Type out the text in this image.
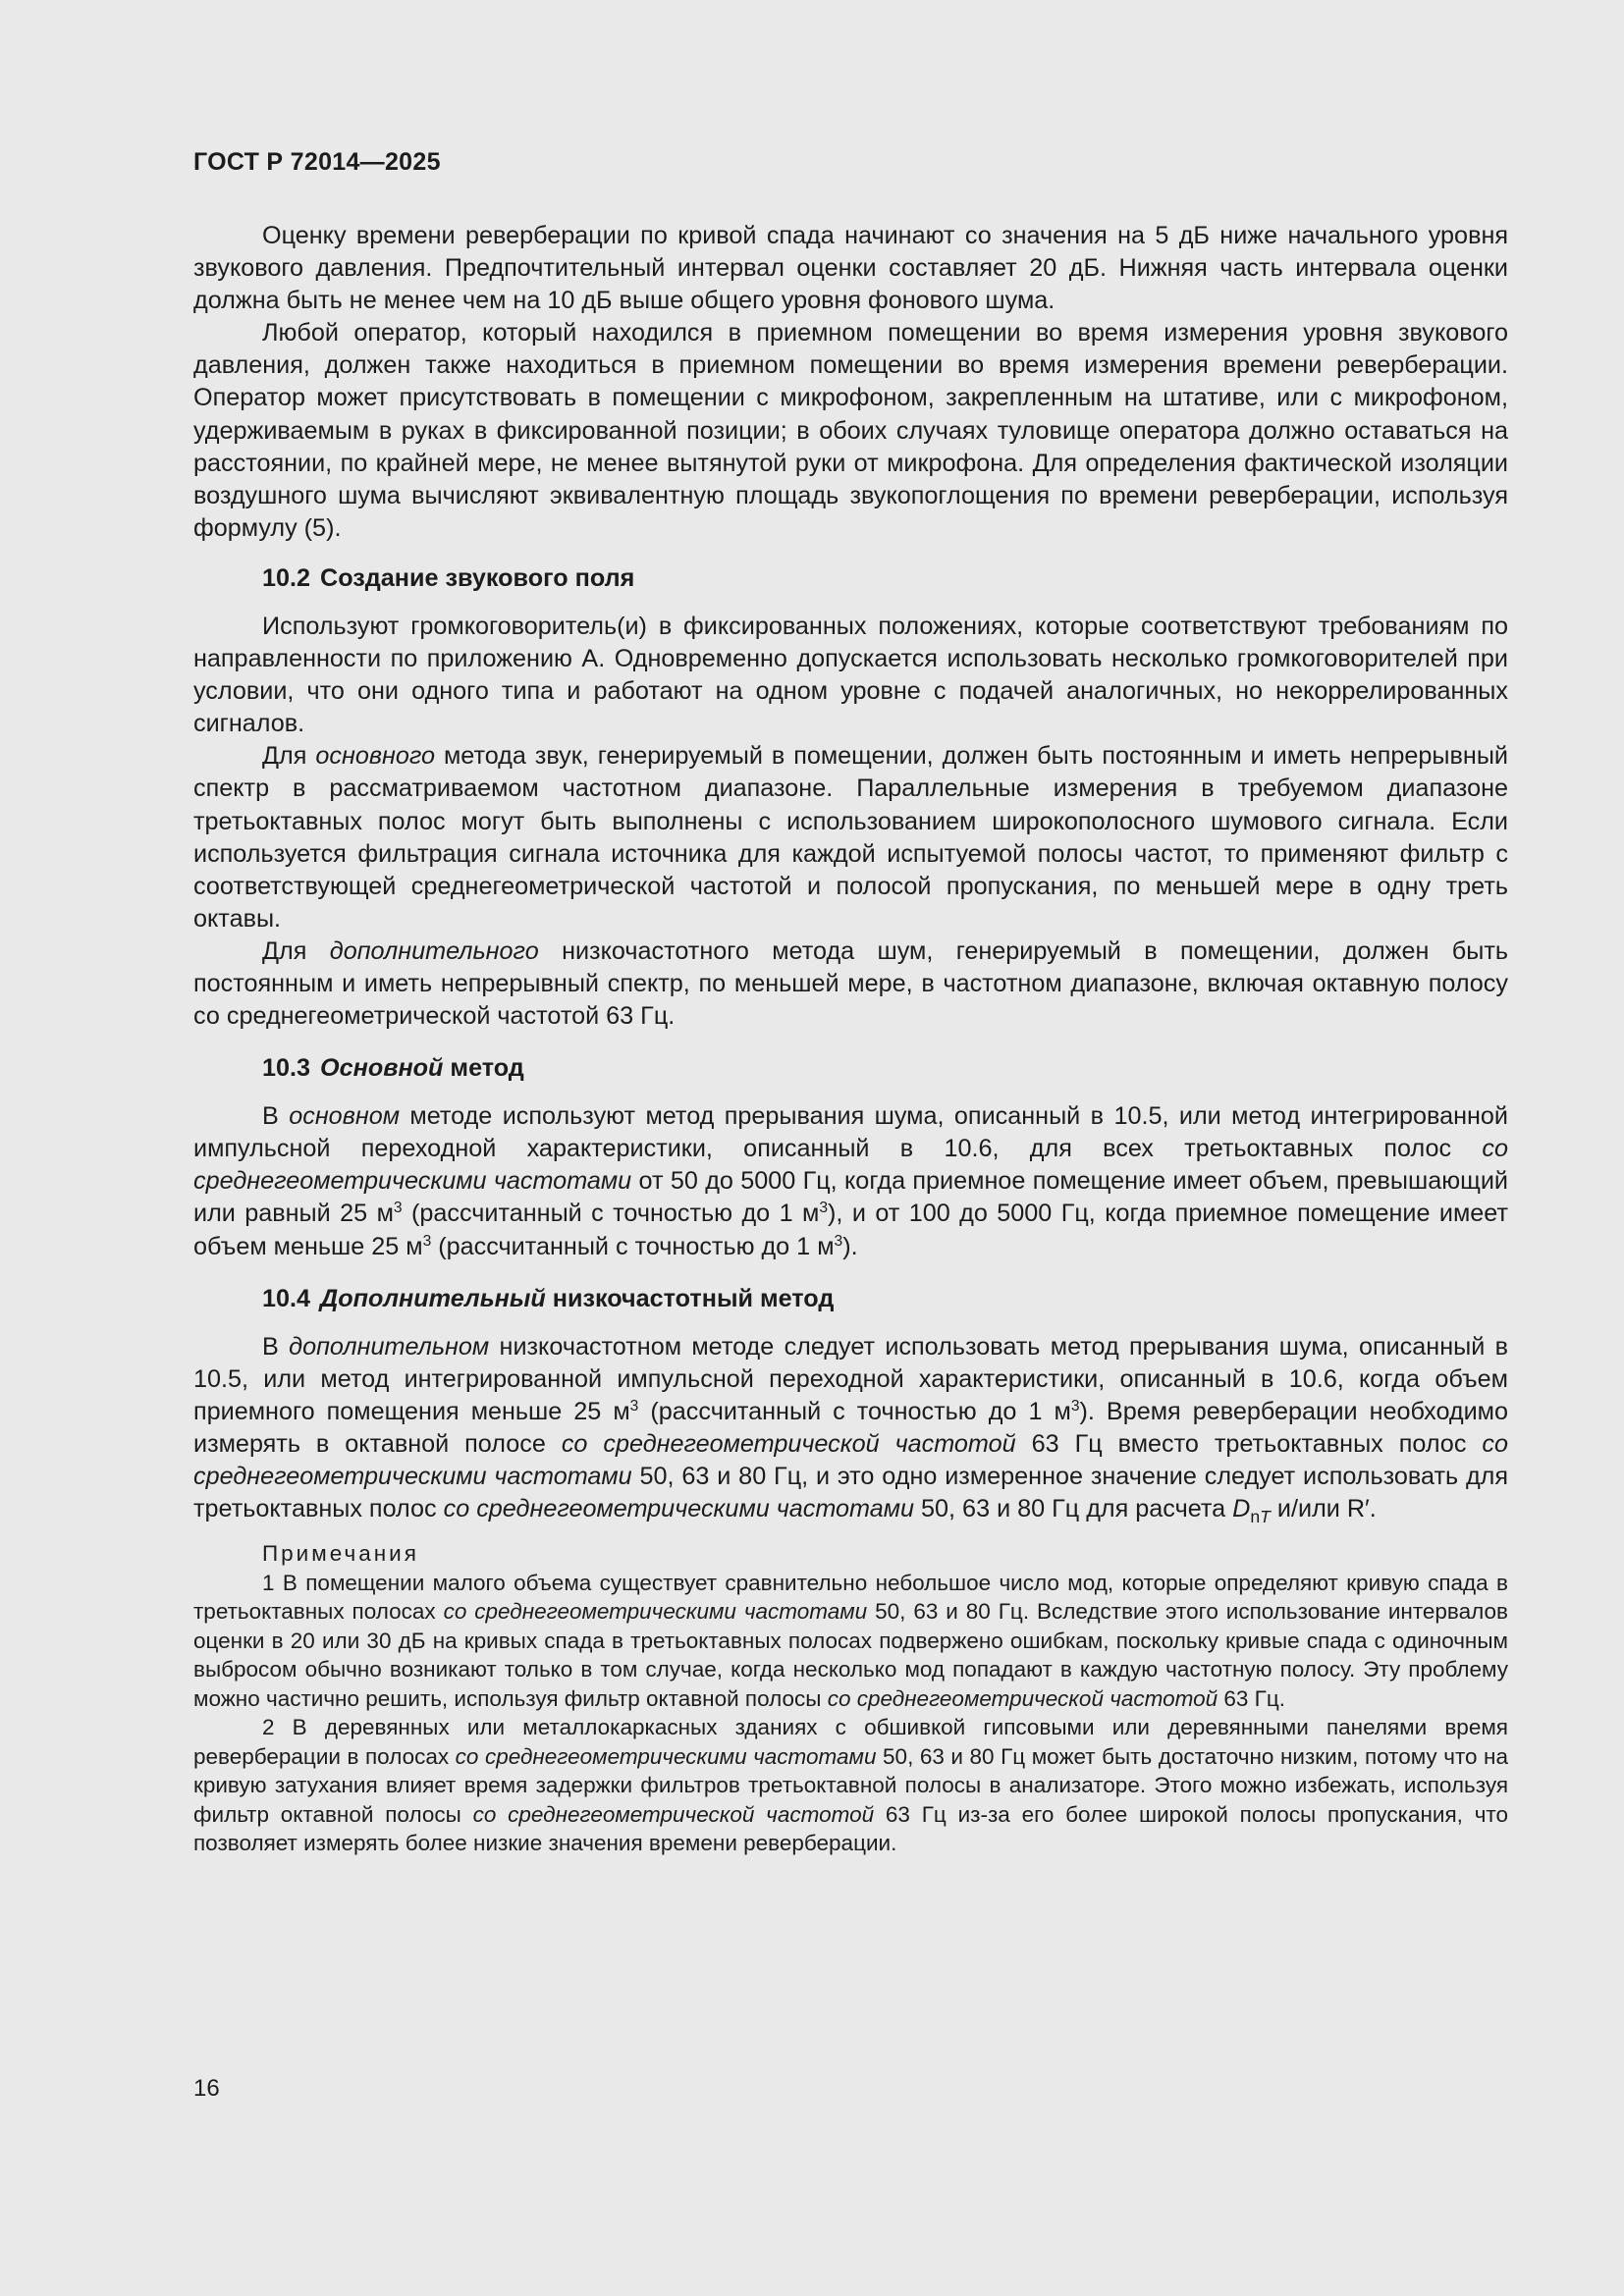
ГОСТ Р 72014—2025

Оценку времени реверберации по кривой спада начинают со значения на 5 дБ ниже начального уровня звукового давления. Предпочтительный интервал оценки составляет 20 дБ. Нижняя часть интервала оценки должна быть не менее чем на 10 дБ выше общего уровня фонового шума.

Любой оператор, который находился в приемном помещении во время измерения уровня звукового давления, должен также находиться в приемном помещении во время измерения времени реверберации. Оператор может присутствовать в помещении с микрофоном, закрепленным на штативе, или с микрофоном, удерживаемым в руках в фиксированной позиции; в обоих случаях туловище оператора должно оставаться на расстоянии, по крайней мере, не менее вытянутой руки от микрофона. Для определения фактической изоляции воздушного шума вычисляют эквивалентную площадь звукопоглощения по времени реверберации, используя формулу (5).

10.2 Создание звукового поля

Используют громкоговоритель(и) в фиксированных положениях, которые соответствуют требованиям по направленности по приложению А. Одновременно допускается использовать несколько громкоговорителей при условии, что они одного типа и работают на одном уровне с подачей аналогичных, но некоррелированных сигналов.

Для основного метода звук, генерируемый в помещении, должен быть постоянным и иметь непрерывный спектр в рассматриваемом частотном диапазоне. Параллельные измерения в требуемом диапазоне третьоктавных полос могут быть выполнены с использованием широкополосного шумового сигнала. Если используется фильтрация сигнала источника для каждой испытуемой полосы частот, то применяют фильтр с соответствующей среднегеометрической частотой и полосой пропускания, по меньшей мере в одну треть октавы.

Для дополнительного низкочастотного метода шум, генерируемый в помещении, должен быть постоянным и иметь непрерывный спектр, по меньшей мере, в частотном диапазоне, включая октавную полосу со среднегеометрической частотой 63 Гц.

10.3 Основной метод

В основном методе используют метод прерывания шума, описанный в 10.5, или метод интегрированной импульсной переходной характеристики, описанный в 10.6, для всех третьоктавных полос со среднегеометрическими частотами от 50 до 5000 Гц, когда приемное помещение имеет объем, превышающий или равный 25 $м^3$ (рассчитанный с точностью до 1 $м^3$), и от 100 до 5000 Гц, когда приемное помещение имеет объем меньше 25 $м^3$ (рассчитанный с точностью до 1 $м^3$).

10.4 Дополнительный низкочастотный метод

В дополнительном низкочастотном методе следует использовать метод прерывания шума, описанный в 10.5, или метод интегрированной импульсной переходной характеристики, описанный в 10.6, когда объем приемного помещения меньше 25 $м^3$ (рассчитанный с точностью до 1 $м^3$). Время реверберации необходимо измерять в октавной полосе со среднегеометрической частотой 63 Гц вместо третьоктавных полос со среднегеометрическими частотами 50, 63 и 80 Гц, и это одно измеренное значение следует использовать для третьоктавных полос со среднегеометрическими частотами 50, 63 и 80 Гц для расчета $D_{nT}$ и/или R′.

Примечания

1 В помещении малого объема существует сравнительно небольшое число мод, которые определяют кривую спада в третьоктавных полосах со среднегеометрическими частотами 50, 63 и 80 Гц. Вследствие этого использование интервалов оценки в 20 или 30 дБ на кривых спада в третьоктавных полосах подвержено ошибкам, поскольку кривые спада с одиночным выбросом обычно возникают только в том случае, когда несколько мод попадают в каждую частотную полосу. Эту проблему можно частично решить, используя фильтр октавной полосы со среднегеометрической частотой 63 Гц.

2 В деревянных или металлокаркасных зданиях с обшивкой гипсовыми или деревянными панелями время реверберации в полосах со среднегеометрическими частотами 50, 63 и 80 Гц может быть достаточно низким, потому что на кривую затухания влияет время задержки фильтров третьоктавной полосы в анализаторе. Этого можно избежать, используя фильтр октавной полосы со среднегеометрической частотой 63 Гц из-за его более широкой полосы пропускания, что позволяет измерять более низкие значения времени реверберации.

16
